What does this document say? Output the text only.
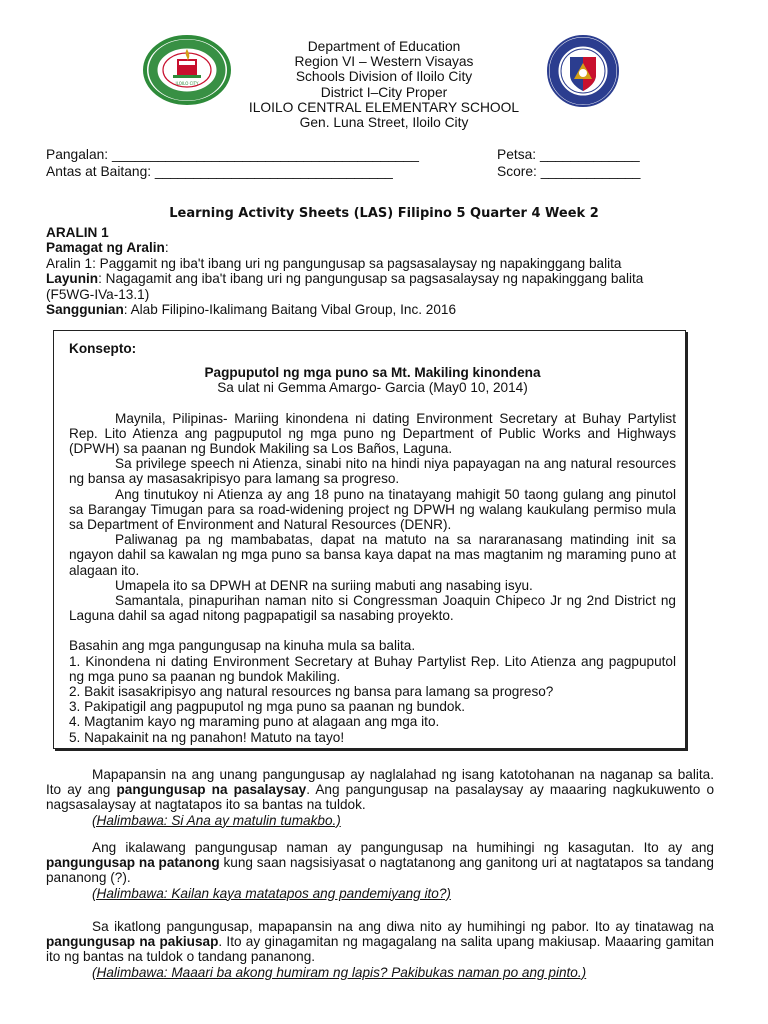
ILOILO CITY
Department of Education
Region VI – Western Visayas
Schools Division of Iloilo City
District I–City Proper
ILOILO CENTRAL ELEMENTARY SCHOOL
Gen. Luna Street, Iloilo City
Pangalan: ________________________________________
Antas at Baitang: _______________________________
Petsa: _____________
Score: _____________
Learning Activity Sheets (LAS) Filipino 5 Quarter 4 Week 2
ARALIN 1
Pamagat ng Aralin:
Aralin 1: Paggamit ng iba't ibang uri ng pangungusap sa pagsasalaysay ng napakinggang balita
Layunin: Nagagamit ang iba't ibang uri ng pangungusap sa pagsasalaysay ng napakinggang balita
(F5WG-IVa-13.1)
Sanggunian: Alab Filipino-Ikalimang Baitang Vibal Group, Inc. 2016
Konsepto:
Pagpuputol ng mga puno sa Mt. Makiling kinondena
Sa ulat ni Gemma Amargo- Garcia (May0 10, 2014)

Maynila, Pilipinas- Mariing kinondena ni dating Environment Secretary at Buhay Partylist Rep. Lito Atienza ang pagpuputol ng mga puno ng Department of Public Works and Highways (DPWH) sa paanan ng Bundok Makiling sa Los Baños, Laguna.

Sa privilege speech ni Atienza, sinabi nito na hindi niya papayagan na ang natural resources ng bansa ay masasakripisyo para lamang sa progreso.

Ang tinutukoy ni Atienza ay ang 18 puno na tinatayang mahigit 50 taong gulang ang pinutol sa Barangay Timugan para sa road-widening project ng DPWH ng walang kaukulang permiso mula sa Department of Environment and Natural Resources (DENR).

Paliwanag pa ng mambabatas, dapat na matuto na sa nararanasang matinding init sa ngayon dahil sa kawalan ng mga puno sa bansa kaya dapat na mas magtanim ng maraming puno at alagaan ito.

Umapela ito sa DPWH at DENR na suriing mabuti ang nasabing isyu.

Samantala, pinapurihan naman nito si Congressman Joaquin Chipeco Jr ng 2nd District ng Laguna dahil sa agad nitong pagpapatigil sa nasabing proyekto.

Basahin ang mga pangungusap na kinuha mula sa balita.

1. Kinondena ni dating Environment Secretary at Buhay Partylist Rep. Lito Atienza ang pagpuputol ng mga puno sa paanan ng bundok Makiling.

2. Bakit isasakripisyo ang natural resources ng bansa para lamang sa progreso?

3. Pakipatigil ang pagpuputol ng mga puno sa paanan ng bundok.

4. Magtanim kayo ng maraming puno at alagaan ang mga ito.

5. Napakainit na ng panahon! Matuto na tayo!

Mapapansin na ang unang pangungusap ay naglalahad ng isang katotohanan na naganap sa balita. Ito ay ang pangungusap na pasalaysay. Ang pangungusap na pasalaysay ay maaaring nagkukuwento o nagsasalaysay at nagtatapos ito sa bantas na tuldok.

(Halimbawa: Si Ana ay matulin tumakbo.)

Ang ikalawang pangungusap naman ay pangungusap na humihingi ng kasagutan. Ito ay ang pangungusap na patanong kung saan nagsisiyasat o nagtatanong ang ganitong uri at nagtatapos sa tandang pananong (?).

(Halimbawa: Kailan kaya matatapos ang pandemiyang ito?)

Sa ikatlong pangungusap, mapapansin na ang diwa nito ay humihingi ng pabor. Ito ay tinatawag na pangungusap na pakiusap. Ito ay ginagamitan ng magagalang na salita upang makiusap. Maaaring gamitan ito ng bantas na tuldok o tandang pananong.

(Halimbawa: Maaari ba akong humiram ng lapis? Pakibukas naman po ang pinto.)
